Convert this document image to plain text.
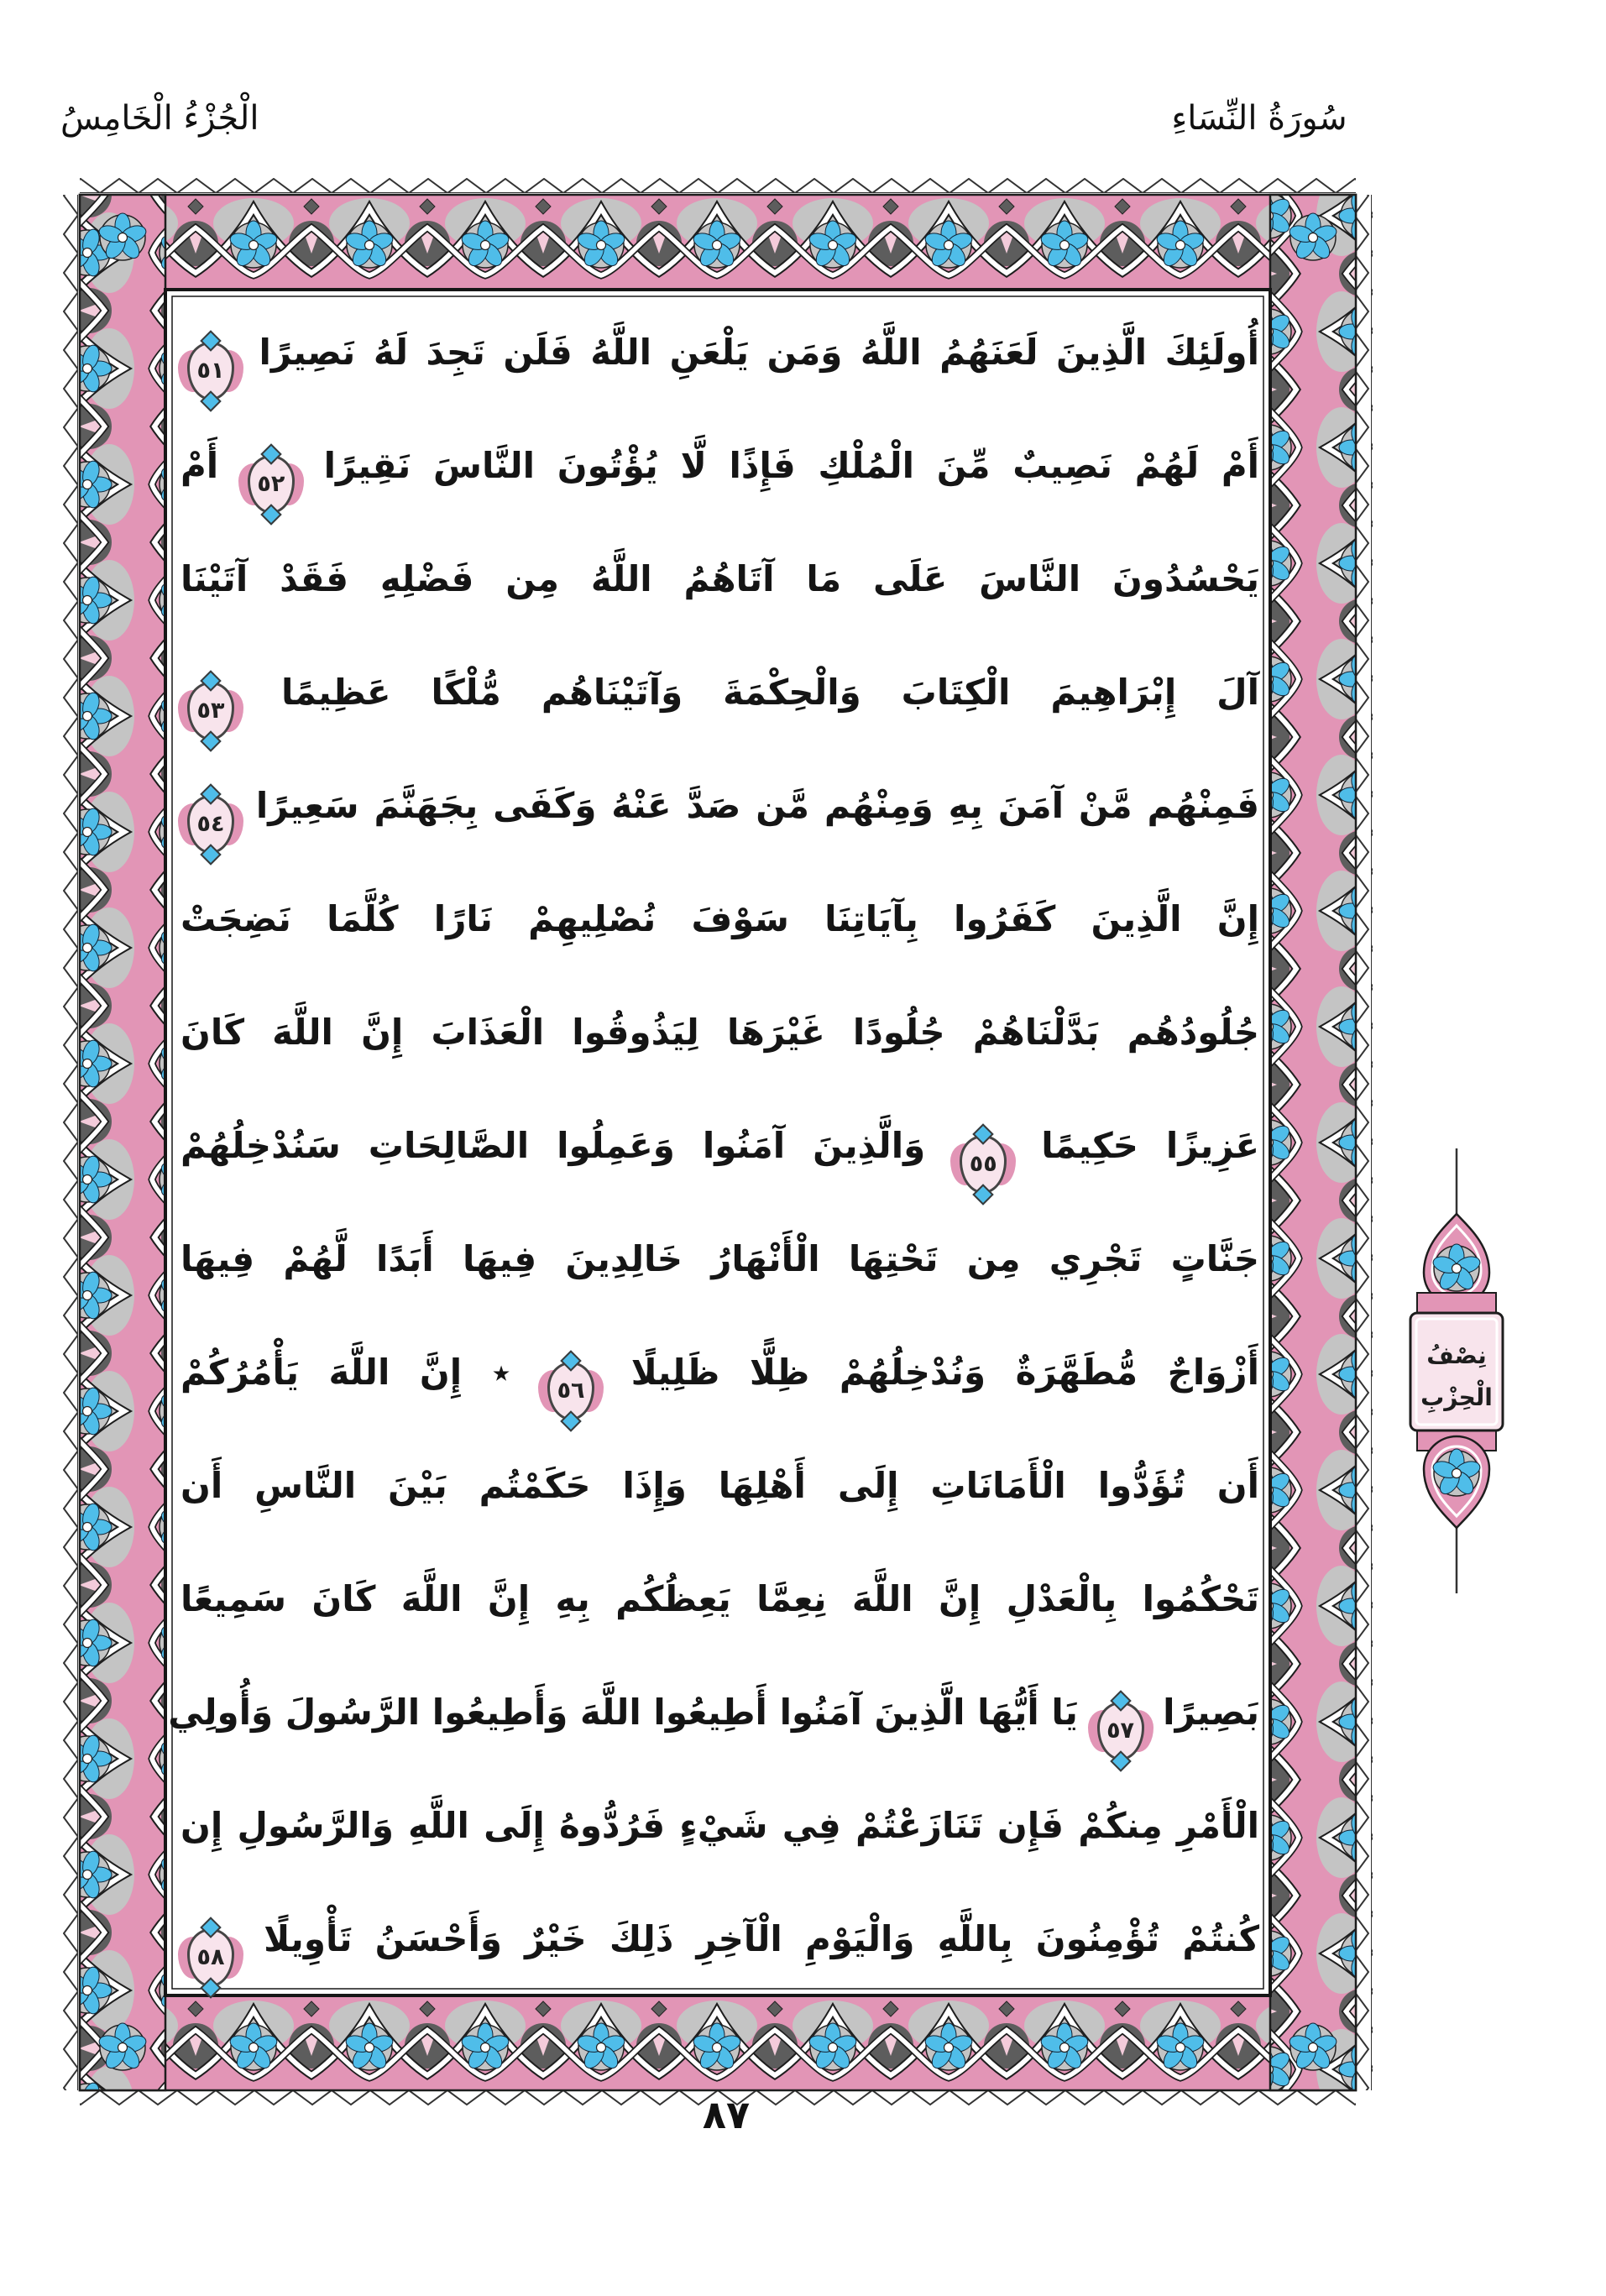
الْجُزْءُ الْخَامِسُ	سُورَةُ النِّسَاءِ
أُولَئِكَ الَّذِينَ لَعَنَهُمُ اللَّهُ وَمَن يَلْعَنِ اللَّهُ فَلَن تَجِدَ لَهُ نَصِيرًا ٥١
أَمْ لَهُمْ نَصِيبٌ مِّنَ الْمُلْكِ فَإِذًا لَّا يُؤْتُونَ النَّاسَ نَقِيرًا ٥٢ أَمْ
يَحْسُدُونَ النَّاسَ عَلَى مَا آتَاهُمُ اللَّهُ مِن فَضْلِهِ فَقَدْ آتَيْنَا
آلَ إِبْرَاهِيمَ الْكِتَابَ وَالْحِكْمَةَ وَآتَيْنَاهُم مُّلْكًا عَظِيمًا ٥٣
فَمِنْهُم مَّنْ آمَنَ بِهِ وَمِنْهُم مَّن صَدَّ عَنْهُ وَكَفَى بِجَهَنَّمَ سَعِيرًا ٥٤
إِنَّ الَّذِينَ كَفَرُوا بِآيَاتِنَا سَوْفَ نُصْلِيهِمْ نَارًا كُلَّمَا نَضِجَتْ
جُلُودُهُم بَدَّلْنَاهُمْ جُلُودًا غَيْرَهَا لِيَذُوقُوا الْعَذَابَ إِنَّ اللَّهَ كَانَ
عَزِيزًا حَكِيمًا ٥٥ وَالَّذِينَ آمَنُوا وَعَمِلُوا الصَّالِحَاتِ سَنُدْخِلُهُمْ
جَنَّاتٍ تَجْرِي مِن تَحْتِهَا الْأَنْهَارُ خَالِدِينَ فِيهَا أَبَدًا لَّهُمْ فِيهَا
أَزْوَاجٌ مُّطَهَّرَةٌ وَنُدْخِلُهُمْ ظِلًّا ظَلِيلًا ٥٦ ٭ إِنَّ اللَّهَ يَأْمُرُكُمْ
أَن تُؤَدُّوا الْأَمَانَاتِ إِلَى أَهْلِهَا وَإِذَا حَكَمْتُم بَيْنَ النَّاسِ أَن
تَحْكُمُوا بِالْعَدْلِ إِنَّ اللَّهَ نِعِمَّا يَعِظُكُم بِهِ إِنَّ اللَّهَ كَانَ سَمِيعًا
بَصِيرًا ٥٧ يَا أَيُّهَا الَّذِينَ آمَنُوا أَطِيعُوا اللَّهَ وَأَطِيعُوا الرَّسُولَ وَأُولِي
الْأَمْرِ مِنكُمْ فَإِن تَنَازَعْتُمْ فِي شَيْءٍ فَرُدُّوهُ إِلَى اللَّهِ وَالرَّسُولِ إِن
كُنتُمْ تُؤْمِنُونَ بِاللَّهِ وَالْيَوْمِ الْآخِرِ ذَلِكَ خَيْرٌ وَأَحْسَنُ تَأْوِيلًا ٥٨
نِصْفُ
الْحِزْبِ
٨٧
